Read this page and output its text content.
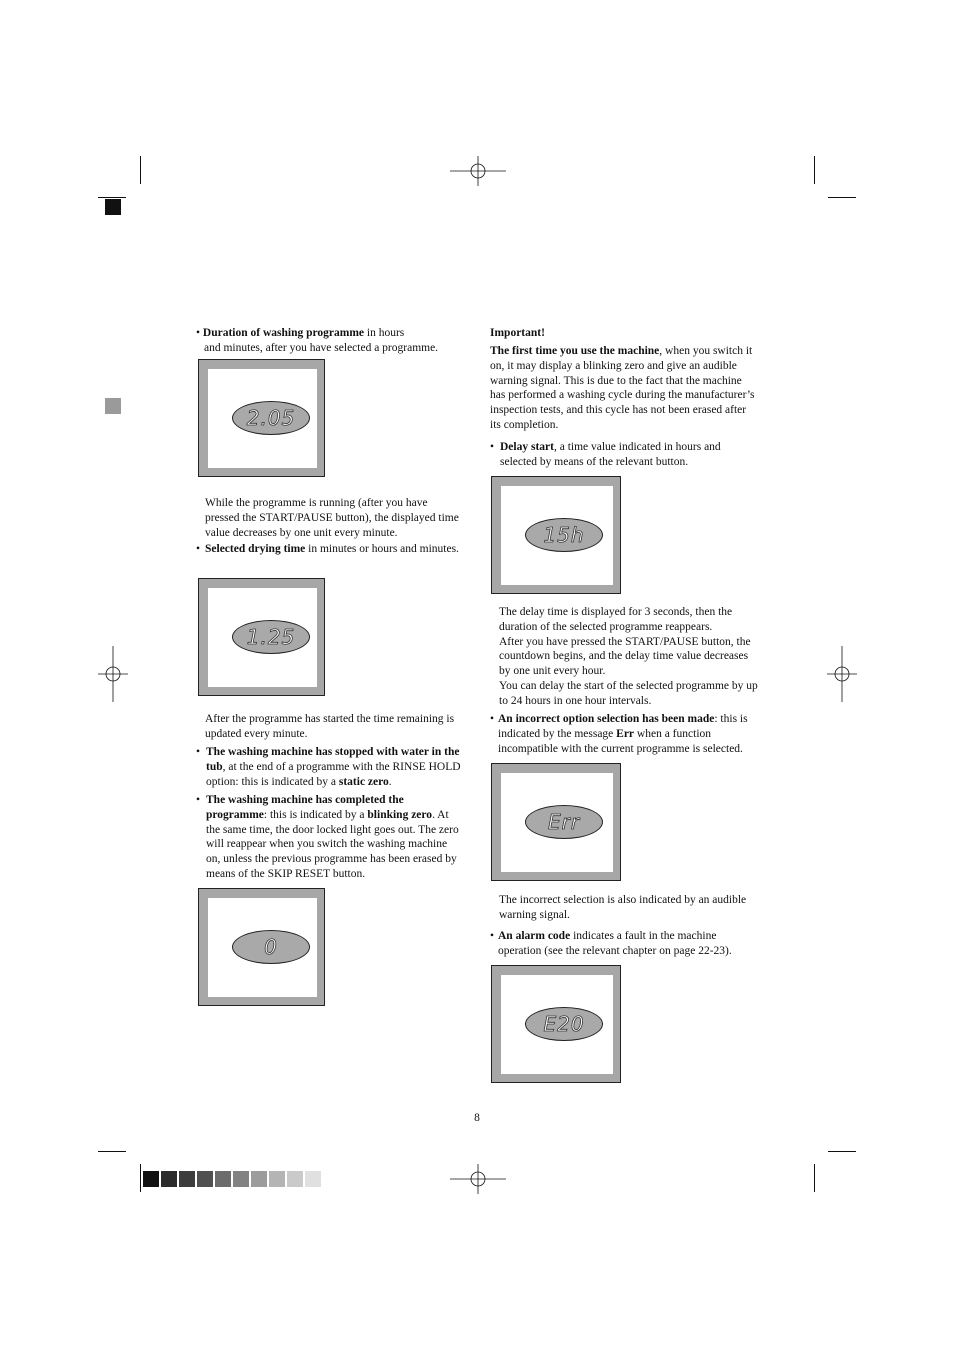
• Duration of washing programme in hours
and minutes, after you have selected a programme.
2.05
While the programme is running (after you have pressed the START/PAUSE button), the displayed time value decreases by one unit every minute.
• Selected drying time in minutes or hours and minutes.
1.25
After the programme has started the time remaining is updated every minute.
• The washing machine has stopped with water in the tub, at the end of a programme with the RINSE HOLD option: this is indicated by a static zero.
• The washing machine has completed the programme: this is indicated by a blinking zero. At the same time, the door locked light goes out. The zero will reappear when you switch the washing machine on, unless the previous programme has been erased by means of the SKIP RESET button.
0
Important!
The first time you use the machine, when you switch it on, it may display a blinking zero and give an audible warning signal. This is due to the fact that the machine has performed a washing cycle during the manufacturer’s inspection tests, and this cycle has not been erased after its completion.
• Delay start, a time value indicated in hours and selected by means of the relevant button.
15h
The delay time is displayed for 3 seconds, then the duration of the selected programme reappears.
After you have pressed the START/PAUSE button, the countdown begins, and the delay time value decreases by one unit every hour.
You can delay the start of the selected programme by up to 24 hours in one hour intervals.
• An incorrect option selection has been made: this is indicated by the message Err when a function incompatible with the current programme is selected.
Err
The incorrect selection is also indicated by an audible warning signal.
• An alarm code indicates a fault in the machine operation (see the relevant chapter on page 22-23).
E20
8
